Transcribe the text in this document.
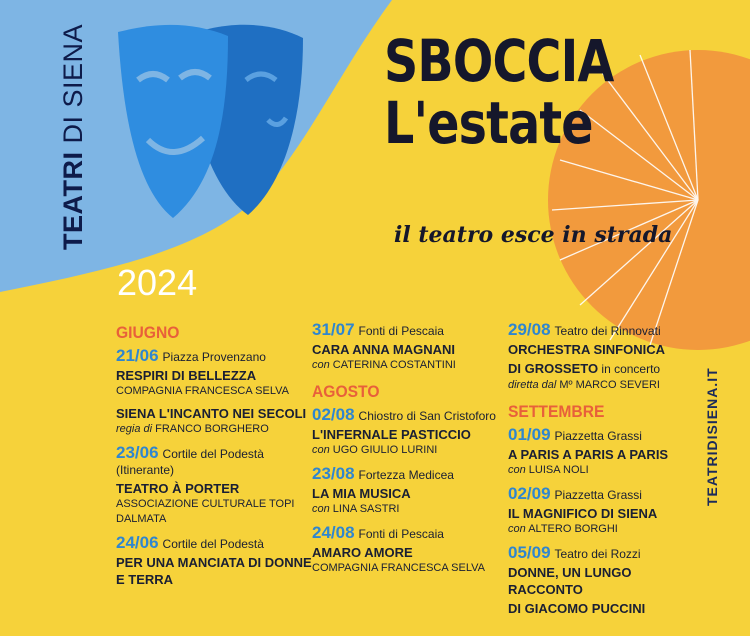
TEATRI DI SIENA	SBOCCIA
L'estate
il teatro esce in strada
2024
TEATRIDISIENA.IT
GIUGNO
21/06 Piazza Provenzano
RESPIRI DI BELLEZZA
COMPAGNIA FRANCESCA SELVA
SIENA L'INCANTO NEI SECOLI
regia di FRANCO BORGHERO
23/06 Cortile del Podestà
(Itinerante)
TEATRO À PORTER
ASSOCIAZIONE CULTURALE TOPI DALMATA
24/06 Cortile del Podestà
PER UNA MANCIATA DI DONNE E TERRA
31/07 Fonti di Pescaia
CARA ANNA MAGNANI
con CATERINA COSTANTINI
AGOSTO
02/08 Chiostro di San Cristoforo
L'INFERNALE PASTICCIO
con UGO GIULIO LURINI
23/08 Fortezza Medicea
LA MIA MUSICA
con LINA SASTRI
24/08 Fonti di Pescaia
AMARO AMORE
COMPAGNIA FRANCESCA SELVA
29/08 Teatro dei Rinnovati
ORCHESTRA SINFONICA
DI GROSSETO in concerto
diretta dal Mº MARCO SEVERI
SETTEMBRE
01/09 Piazzetta Grassi
A PARIS A PARIS A PARIS
con LUISA NOLI
02/09 Piazzetta Grassi
IL MAGNIFICO DI SIENA
con ALTERO BORGHI
05/09 Teatro dei Rozzi
DONNE, UN LUNGO RACCONTO
DI GIACOMO PUCCINI
